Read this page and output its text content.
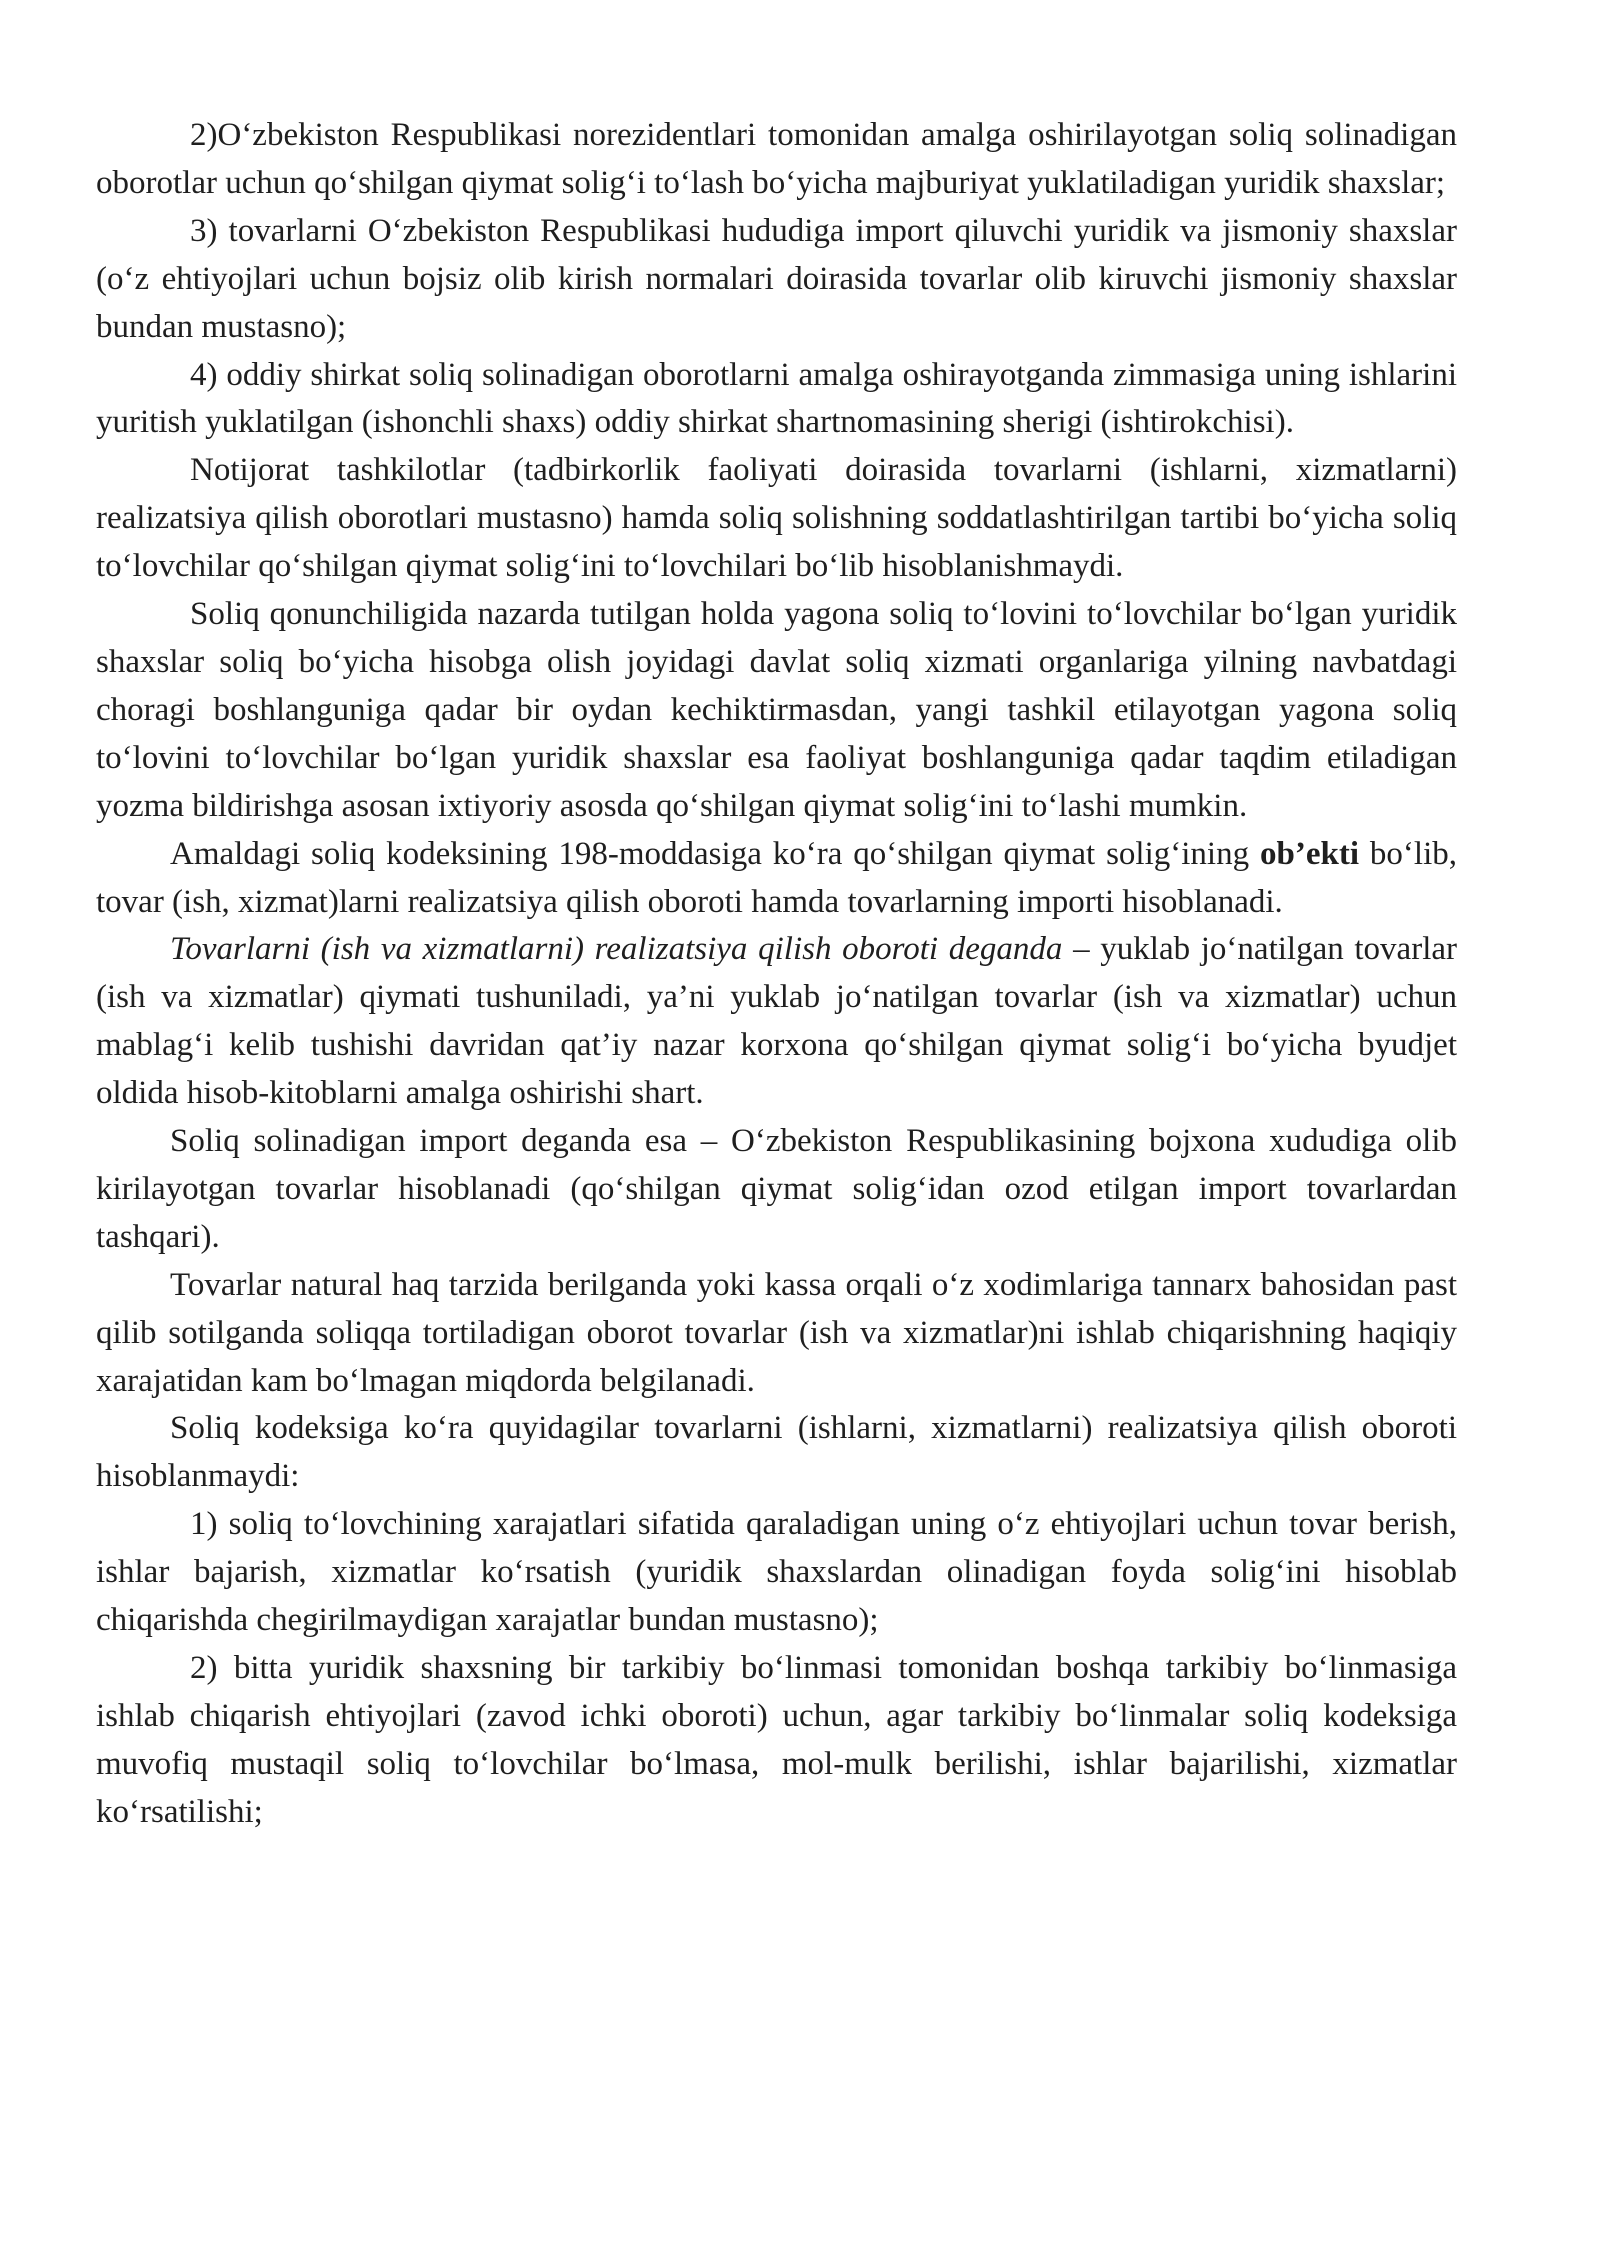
2)O‘zbekiston Respublikasi norezidentlari tomonidan amalga oshirilayotgan soliq solinadigan oborotlar uchun qo‘shilgan qiymat solig‘i to‘lash bo‘yicha majburiyat yuklatiladigan yuridik shaxslar;

3) tovarlarni O‘zbekiston Respublikasi hududiga import qiluvchi yuridik va jismoniy shaxslar (o‘z ehtiyojlari uchun bojsiz olib kirish normalari doirasida tovarlar olib kiruvchi jismoniy shaxslar bundan mustasno);

4) oddiy shirkat soliq solinadigan oborotlarni amalga oshirayotganda zimmasiga uning ishlarini yuritish yuklatilgan (ishonchli shaxs) oddiy shirkat shartnomasining sherigi (ishtirokchisi).

Notijorat tashkilotlar (tadbirkorlik faoliyati doirasida tovarlarni (ishlarni, xizmatlarni) realizatsiya qilish oborotlari mustasno) hamda soliq solishning soddatlashtirilgan tartibi bo‘yicha soliq to‘lovchilar qo‘shilgan qiymat solig‘ini to‘lovchilari bo‘lib hisoblanishmaydi.

Soliq qonunchiligida nazarda tutilgan holda yagona soliq to‘lovini to‘lovchilar bo‘lgan yuridik shaxslar soliq bo‘yicha hisobga olish joyidagi davlat soliq xizmati organlariga yilning navbatdagi choragi boshlanguniga qadar bir oydan kechiktirmasdan, yangi tashkil etilayotgan yagona soliq to‘lovini to‘lovchilar bo‘lgan yuridik shaxslar esa faoliyat boshlanguniga qadar taqdim etiladigan yozma bildirishga asosan ixtiyoriy asosda qo‘shilgan qiymat solig‘ini to‘lashi mumkin.

Amaldagi soliq kodeksining 198-moddasiga ko‘ra qo‘shilgan qiymat solig‘ining ob’ekti bo‘lib, tovar (ish, xizmat)larni realizatsiya qilish oboroti hamda tovarlarning importi hisoblanadi.

Tovarlarni (ish va xizmatlarni) realizatsiya qilish oboroti deganda – yuklab jo‘natilgan tovarlar (ish va xizmatlar) qiymati tushuniladi, ya’ni yuklab jo‘natilgan tovarlar (ish va xizmatlar) uchun mablag‘i kelib tushishi davridan qat’iy nazar korxona qo‘shilgan qiymat solig‘i bo‘yicha byudjet oldida hisob-kitoblarni amalga oshirishi shart.

Soliq solinadigan import deganda esa – O‘zbekiston Respublikasining bojxona xududiga olib kirilayotgan tovarlar hisoblanadi (qo‘shilgan qiymat solig‘idan ozod etilgan import tovarlardan tashqari).

Tovarlar natural haq tarzida berilganda yoki kassa orqali o‘z xodimlariga tannarx bahosidan past qilib sotilganda soliqqa tortiladigan oborot tovarlar (ish va xizmatlar)ni ishlab chiqarishning haqiqiy xarajatidan kam bo‘lmagan miqdorda belgilanadi.

Soliq kodeksiga ko‘ra quyidagilar tovarlarni (ishlarni, xizmatlarni) realizatsiya qilish oboroti hisoblanmaydi:

1) soliq to‘lovchining xarajatlari sifatida qaraladigan uning o‘z ehtiyojlari uchun tovar berish, ishlar bajarish, xizmatlar ko‘rsatish (yuridik shaxslardan olinadigan foyda solig‘ini hisoblab chiqarishda chegirilmaydigan xarajatlar bundan mustasno);

2) bitta yuridik shaxsning bir tarkibiy bo‘linmasi tomonidan boshqa tarkibiy bo‘linmasiga ishlab chiqarish ehtiyojlari (zavod ichki oboroti) uchun, agar tarkibiy bo‘linmalar soliq kodeksiga muvofiq mustaqil soliq to‘lovchilar bo‘lmasa, mol-mulk berilishi, ishlar bajarilishi, xizmatlar ko‘rsatilishi;
